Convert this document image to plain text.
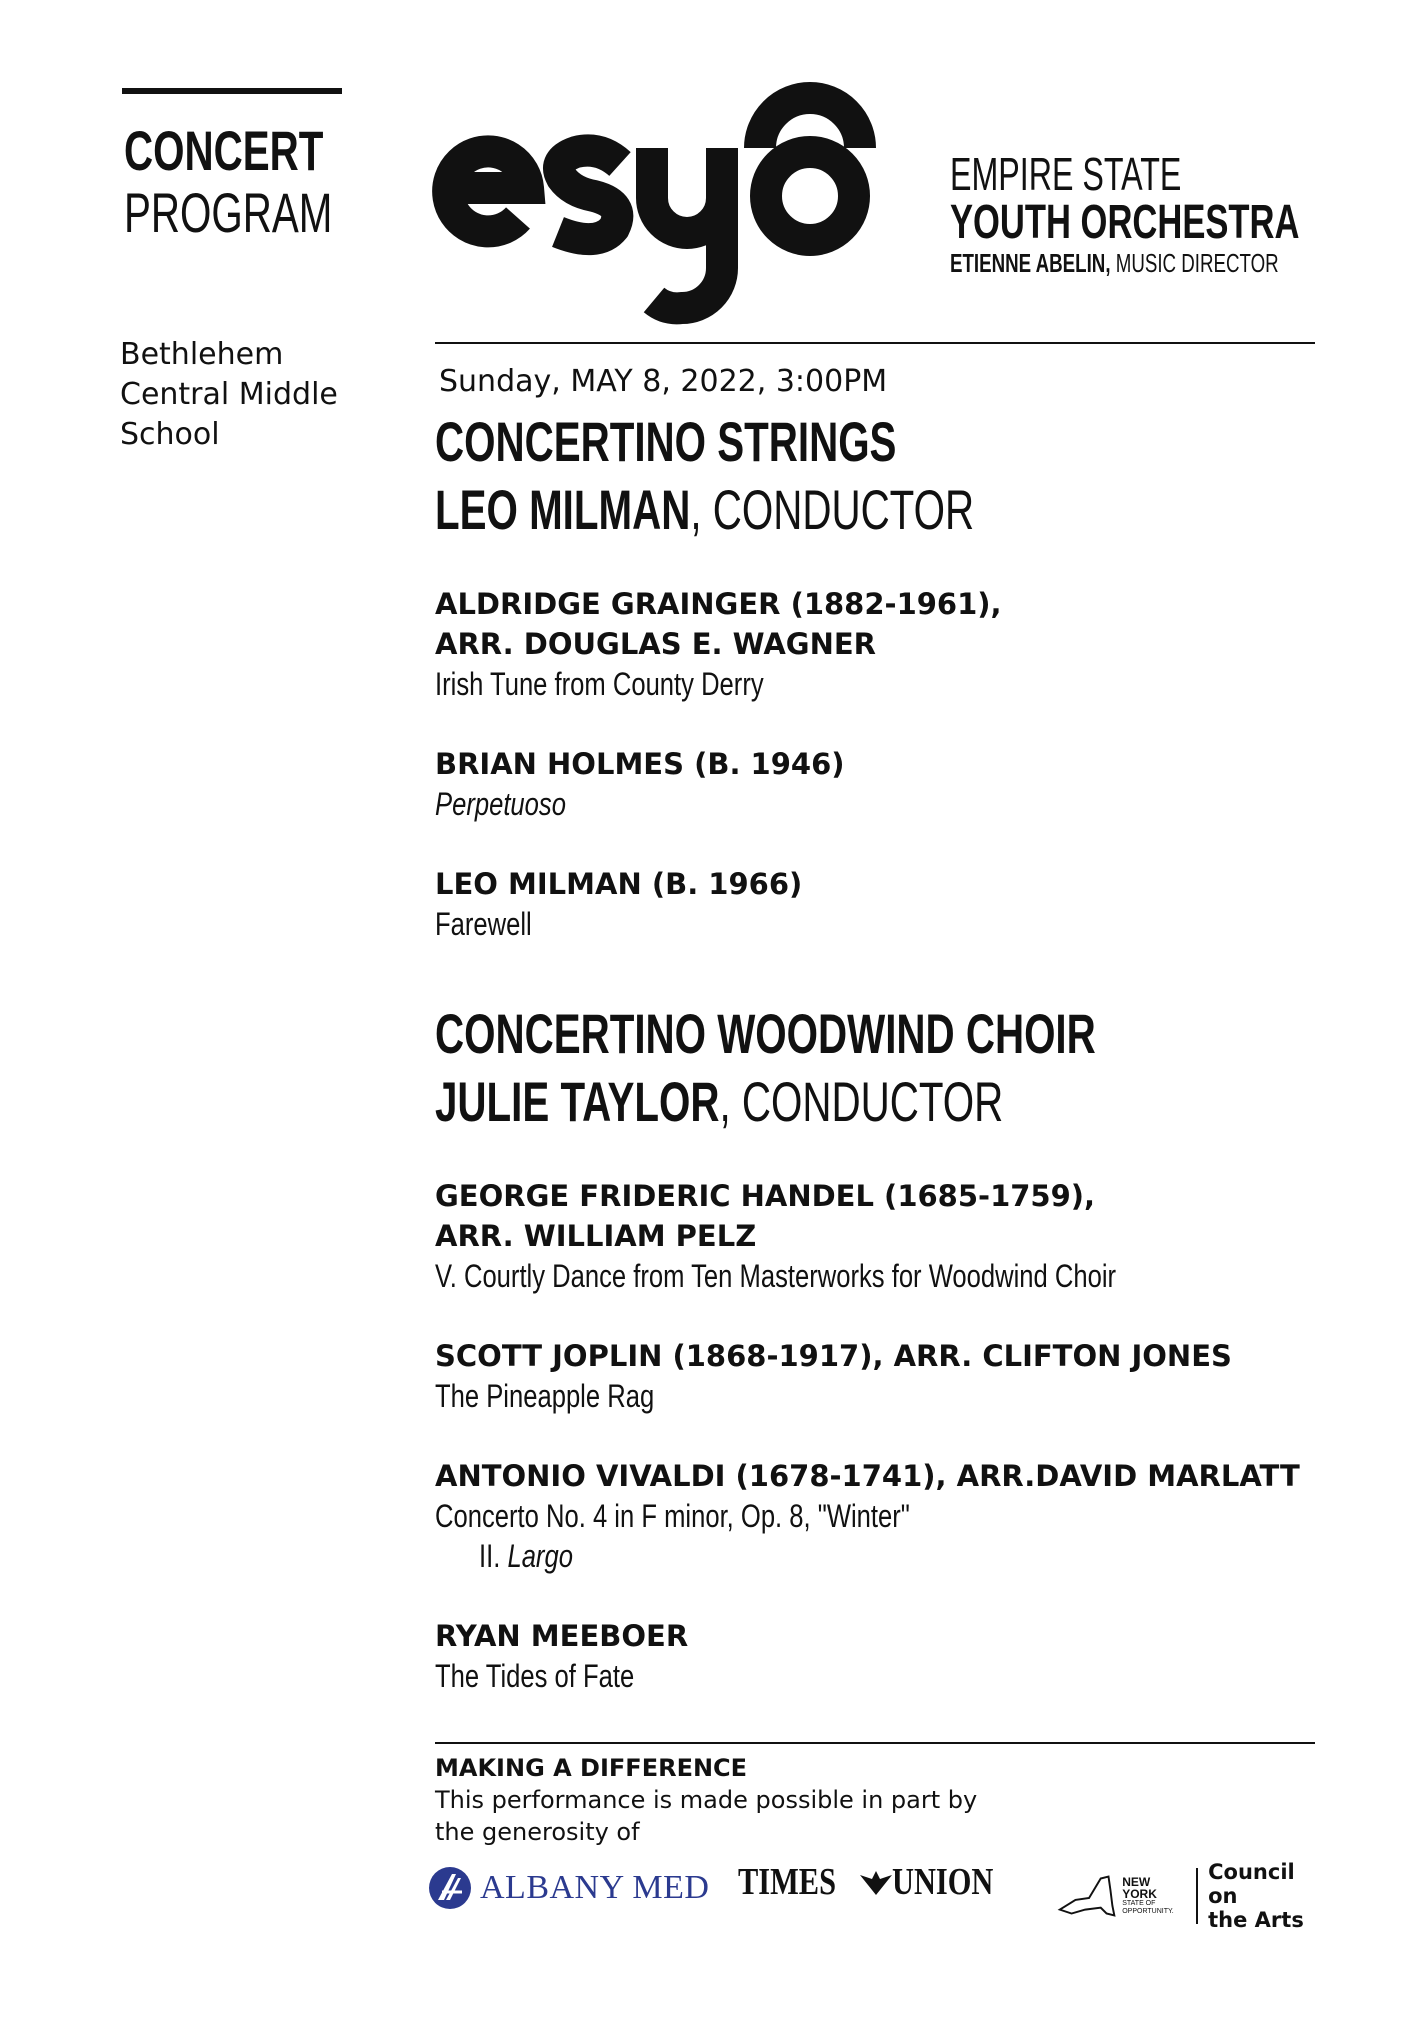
CONCERT
PROGRAM
Bethlehem
Central Middle
School
EMPIRE STATE
YOUTH ORCHESTRA
ETIENNE ABELIN, MUSIC DIRECTOR
Sunday, MAY 8, 2022, 3:00PM
CONCERTINO STRINGS
LEO MILMAN, CONDUCTOR
ALDRIDGE GRAINGER (1882-1961),
ARR. DOUGLAS E. WAGNER
Irish Tune from County Derry
BRIAN HOLMES (B. 1946)
Perpetuoso
LEO MILMAN (B. 1966)
Farewell
CONCERTINO WOODWIND CHOIR
JULIE TAYLOR, CONDUCTOR
GEORGE FRIDERIC HANDEL (1685-1759),
ARR. WILLIAM PELZ
V. Courtly Dance from Ten Masterworks for Woodwind Choir
SCOTT JOPLIN (1868-1917), ARR. CLIFTON JONES
The Pineapple Rag
ANTONIO VIVALDI (1678-1741), ARR.DAVID MARLATT
Concerto No. 4 in F minor, Op. 8, "Winter"
II. Largo
RYAN MEEBOER
The Tides of Fate
MAKING A DIFFERENCE
This performance is made possible in part by
the generosity of
ALBANY MED TIMES UNION	NEW YORK
STATE OF
OPPORTUNITY.
Council on
the Arts
